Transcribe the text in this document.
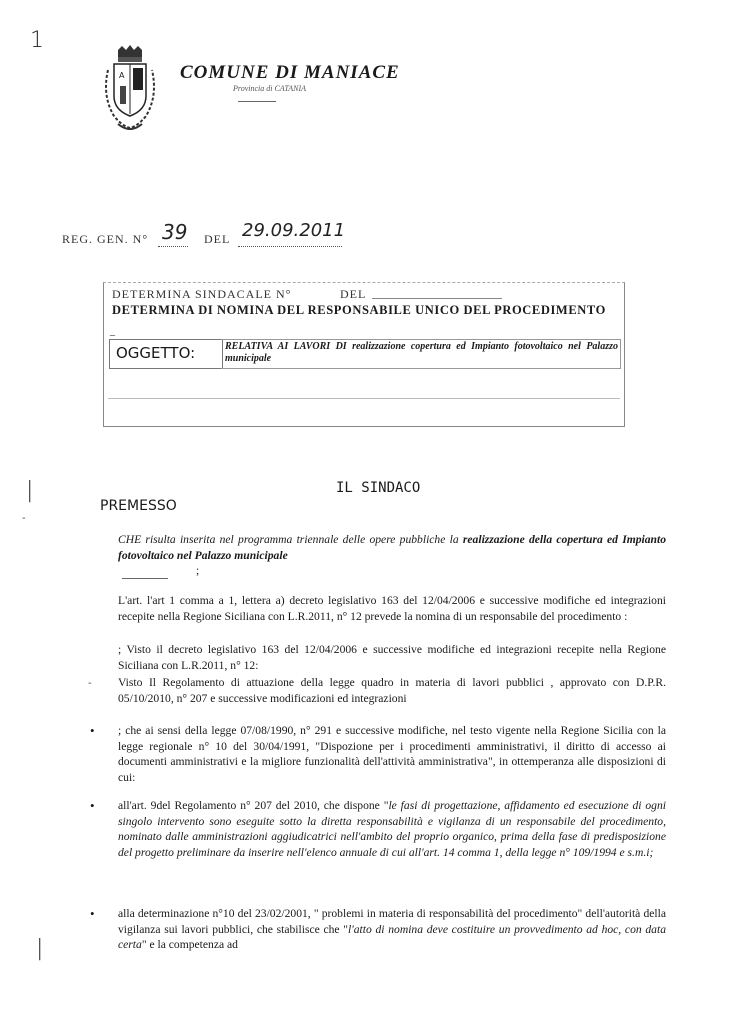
1
|
|
-
-
A	COMUNE DI MANIACE
Provincia di CATANIA
REG. GEN. N° 39 DEL 29.09.2011
DETERMINA SINDACALE N°	DEL
DETERMINA DI NOMINA DEL RESPONSABILE UNICO DEL PROCEDIMENTO
_
OGGETTO:	RELATIVA AI LAVORI DI realizzazione copertura ed Impianto fotovoltaico nel Palazzo municipale
IL SINDACO
PREMESSO
CHE risulta inserita nel programma triennale delle opere pubbliche la realizzazione della copertura ed Impianto fotovoltaico nel Palazzo municipale
;
L'art. l'art 1 comma a 1, lettera a) decreto legislativo 163 del 12/04/2006 e successive modifiche ed integrazioni recepite nella Regione Siciliana con L.R.2011, n° 12 prevede la nomina di un responsabile del procedimento :
; Visto il decreto legislativo 163 del 12/04/2006 e successive modifiche ed integrazioni recepite nella Regione Siciliana con L.R.2011, n° 12:
Visto Il Regolamento di attuazione della legge quadro in materia di lavori pubblici , approvato con D.P.R. 05/10/2010, n° 207 e successive modificazioni ed integrazioni
• ; che ai sensi della legge 07/08/1990, n° 291 e successive modifiche, nel testo vigente nella Regione Sicilia con la legge regionale n° 10 del 30/04/1991, "Dispozione per i procedimenti amministrativi, il diritto di accesso ai documenti amministrativi e la migliore funzionalità dell'attività amministrativa", in ottemperanza alle disposizioni di cui:
• all'art. 9del Regolamento n° 207 del 2010, che dispone "le fasi di progettazione, affidamento ed esecuzione di ogni singolo intervento sono eseguite sotto la diretta responsabilità e vigilanza di un responsabile del procedimento, nominato dalle amministrazioni aggiudicatrici nell'ambito del proprio organico, prima della fase di predisposizione del progetto preliminare da inserire nell'elenco annuale di cui all'art. 14 comma 1, della legge n° 109/1994 e s.m.i;
• alla determinazione n°10 del 23/02/2001, " problemi in materia di responsabilità del procedimento" dell'autorità della vigilanza sui lavori pubblici, che stabilisce che "l'atto di nomina deve costituire un provvedimento ad hoc, con data certa" e la competenza ad
